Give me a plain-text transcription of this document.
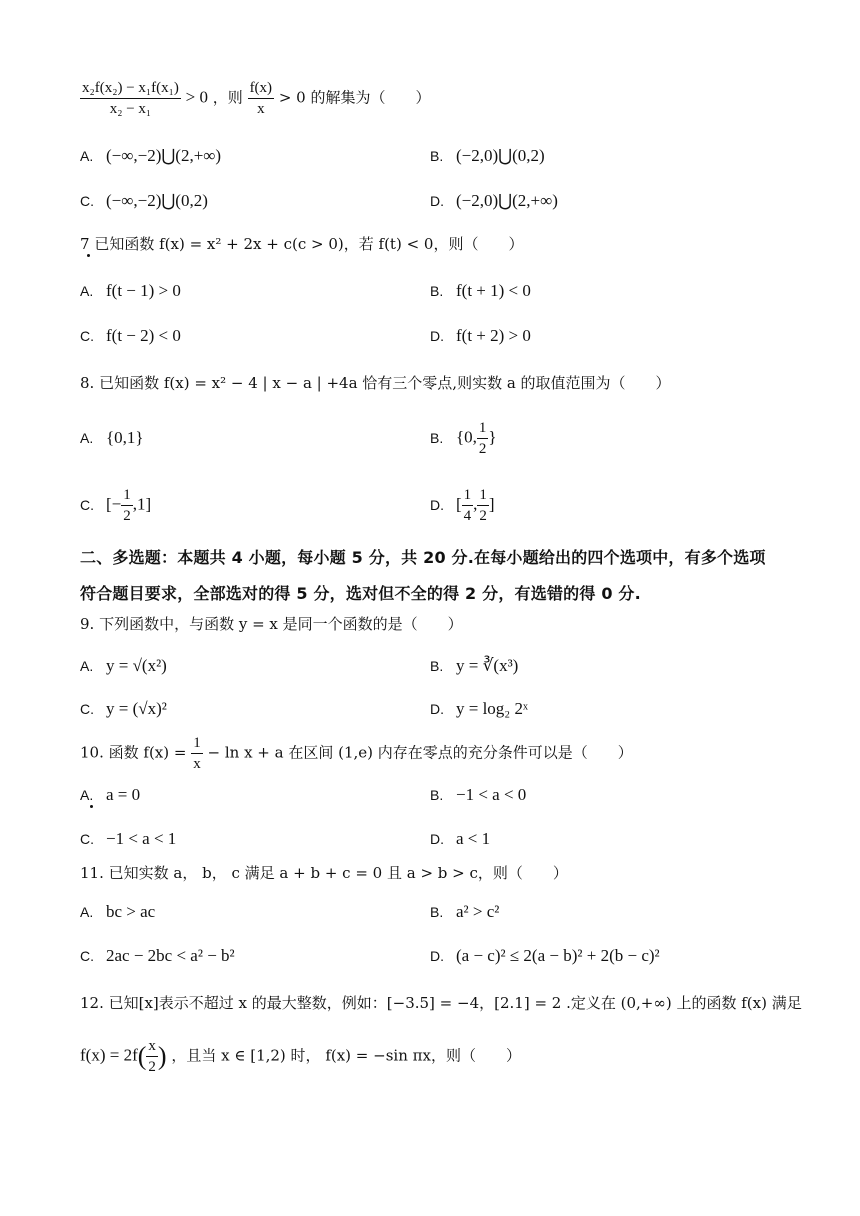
$\frac{\text{x₂f(x₂) − x₁f(x₁)}}{\text{x₂ − x₁}} > 0$ ，则 $\frac{f(x)}{x} > 0$ 的解集为（　　）
A. (−∞,−2)⋃(2,+∞)	B. (−2,0)⋃(0,2)
C. (−∞,−2)⋃(0,2)	D. (−2,0)⋃(2,+∞)
7 已知函数 f(x) = x² + 2x + c(c > 0)，若 f(t) < 0，则（　　）
A. f(t − 1) > 0	B. f(t + 1) < 0
C. f(t − 2) < 0	D. f(t + 2) > 0
8. 已知函数 f(x) = x² − 4 | x − a | +4a 恰有三个零点,则实数 a 的取值范围为（　　）
A. {0,1}	B. {0, $\frac{1}{2}$ }
C. [− $\frac{1}{2} ,1$]	D. [ $\frac{1}{4}$ , $\frac{1}{2}$ ]
二、多选题：本题共 4 小题，每小题 5 分，共 20 分.在每小题给出的四个选项中，有多个选项
符合题目要求，全部选对的得 5 分，选对但不全的得 2 分，有选错的得 0 分.
9. 下列函数中，与函数 y = x 是同一个函数的是（　　）
A. y = √(x²)	B. y = ∛(x³)
C. y = (√x)²	D. y = log₂ 2ˣ
10. 函数 $f(x) = \frac{1}{x} - \ln x + a$ 在区间 (1,e) 内存在零点的充分条件可以是（　　）
A. a = 0	B. −1 < a < 0
C. −1 < a < 1	D. a < 1
11. 已知实数 a， b， c 满足 a + b + c = 0 且 a > b > c，则（　　）
A. bc > ac	B. a² > c²
C. 2ac − 2bc < a² − b²	D. (a − c)² ≤ 2(a − b)² + 2(b − c)²
12. 已知[x]表示不超过 x 的最大整数，例如：[−3.5] = −4，[2.1] = 2 .定义在 (0,+∞) 上的函数 f(x) 满足
$f(x) = 2f( \frac{x}{2}$ ) ，且当 x ∈ [1,2) 时， f(x) = −sin πx，则（　　）
